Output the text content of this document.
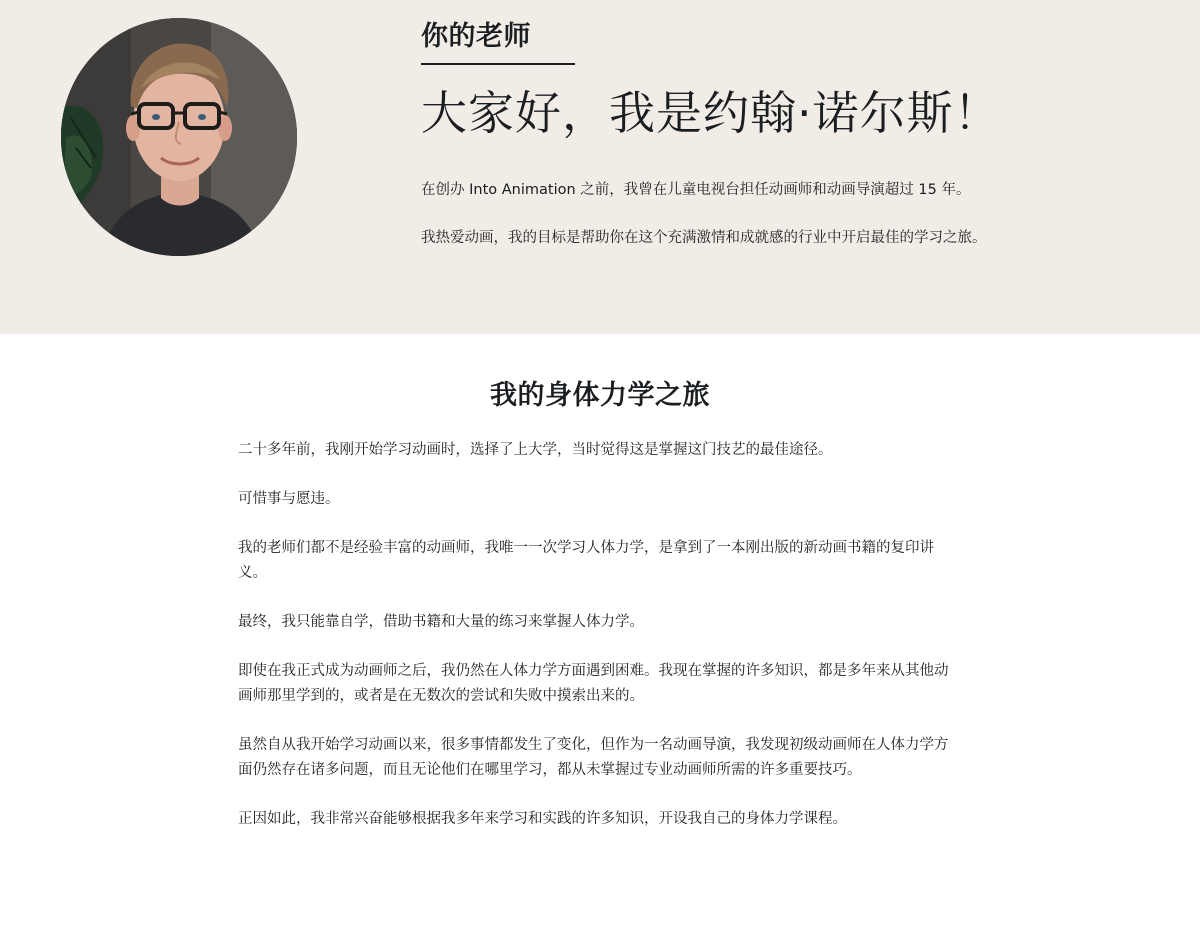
你的老师
大家好，我是约翰·诺尔斯！

在创办 Into Animation 之前，我曾在儿童电视台担任动画师和动画导演超过 15 年。

我热爱动画，我的目标是帮助你在这个充满激情和成就感的行业中开启最佳的学习之旅。

我的身体力学之旅

二十多年前，我刚开始学习动画时，选择了上大学，当时觉得这是掌握这门技艺的最佳途径。

可惜事与愿违。

我的老师们都不是经验丰富的动画师，我唯一一次学习人体力学，是拿到了一本刚出版的新动画书籍的复印讲义。

最终，我只能靠自学，借助书籍和大量的练习来掌握人体力学。

即使在我正式成为动画师之后，我仍然在人体力学方面遇到困难。我现在掌握的许多知识，都是多年来从其他动画师那里学到的，或者是在无数次的尝试和失败中摸索出来的。

虽然自从我开始学习动画以来，很多事情都发生了变化，但作为一名动画导演，我发现初级动画师在人体力学方面仍然存在诸多问题，而且无论他们在哪里学习，都从未掌握过专业动画师所需的许多重要技巧。

正因如此，我非常兴奋能够根据我多年来学习和实践的许多知识，开设我自己的身体力学课程。
